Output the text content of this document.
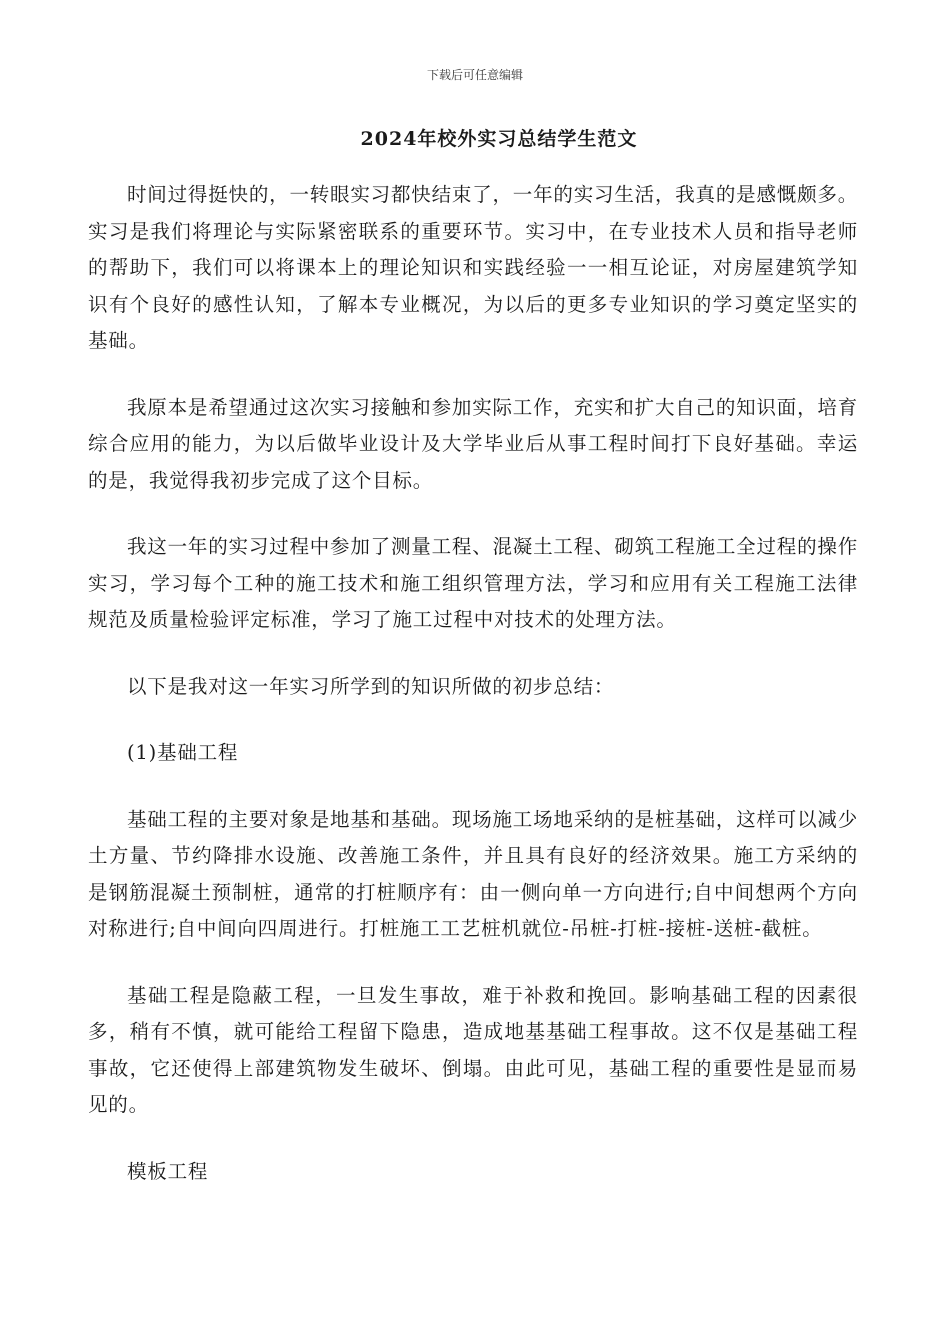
下载后可任意编辑
2024年校外实习总结学生范文

时间过得挺快的，一转眼实习都快结束了，一年的实习生活，我真的是感慨颇多。实习是我们将理论与实际紧密联系的重要环节。实习中，在专业技术人员和指导老师的帮助下，我们可以将课本上的理论知识和实践经验一一相互论证，对房屋建筑学知识有个良好的感性认知，了解本专业概况，为以后的更多专业知识的学习奠定坚实的基础。

我原本是希望通过这次实习接触和参加实际工作，充实和扩大自己的知识面，培育综合应用的能力，为以后做毕业设计及大学毕业后从事工程时间打下良好基础。幸运的是，我觉得我初步完成了这个目标。

我这一年的实习过程中参加了测量工程、混凝土工程、砌筑工程施工全过程的操作实习，学习每个工种的施工技术和施工组织管理方法，学习和应用有关工程施工法律规范及质量检验评定标准，学习了施工过程中对技术的处理方法。

以下是我对这一年实习所学到的知识所做的初步总结：

(1)基础工程

基础工程的主要对象是地基和基础。现场施工场地采纳的是桩基础，这样可以减少土方量、节约降排水设施、改善施工条件，并且具有良好的经济效果。施工方采纳的是钢筋混凝土预制桩，通常的打桩顺序有：由一侧向单一方向进行;自中间想两个方向对称进行;自中间向四周进行。打桩施工工艺桩机就位-吊桩-打桩-接桩-送桩-截桩。

基础工程是隐蔽工程，一旦发生事故，难于补救和挽回。影响基础工程的因素很多，稍有不慎，就可能给工程留下隐患，造成地基基础工程事故。这不仅是基础工程事故，它还使得上部建筑物发生破坏、倒塌。由此可见，基础工程的重要性是显而易见的。

模板工程
